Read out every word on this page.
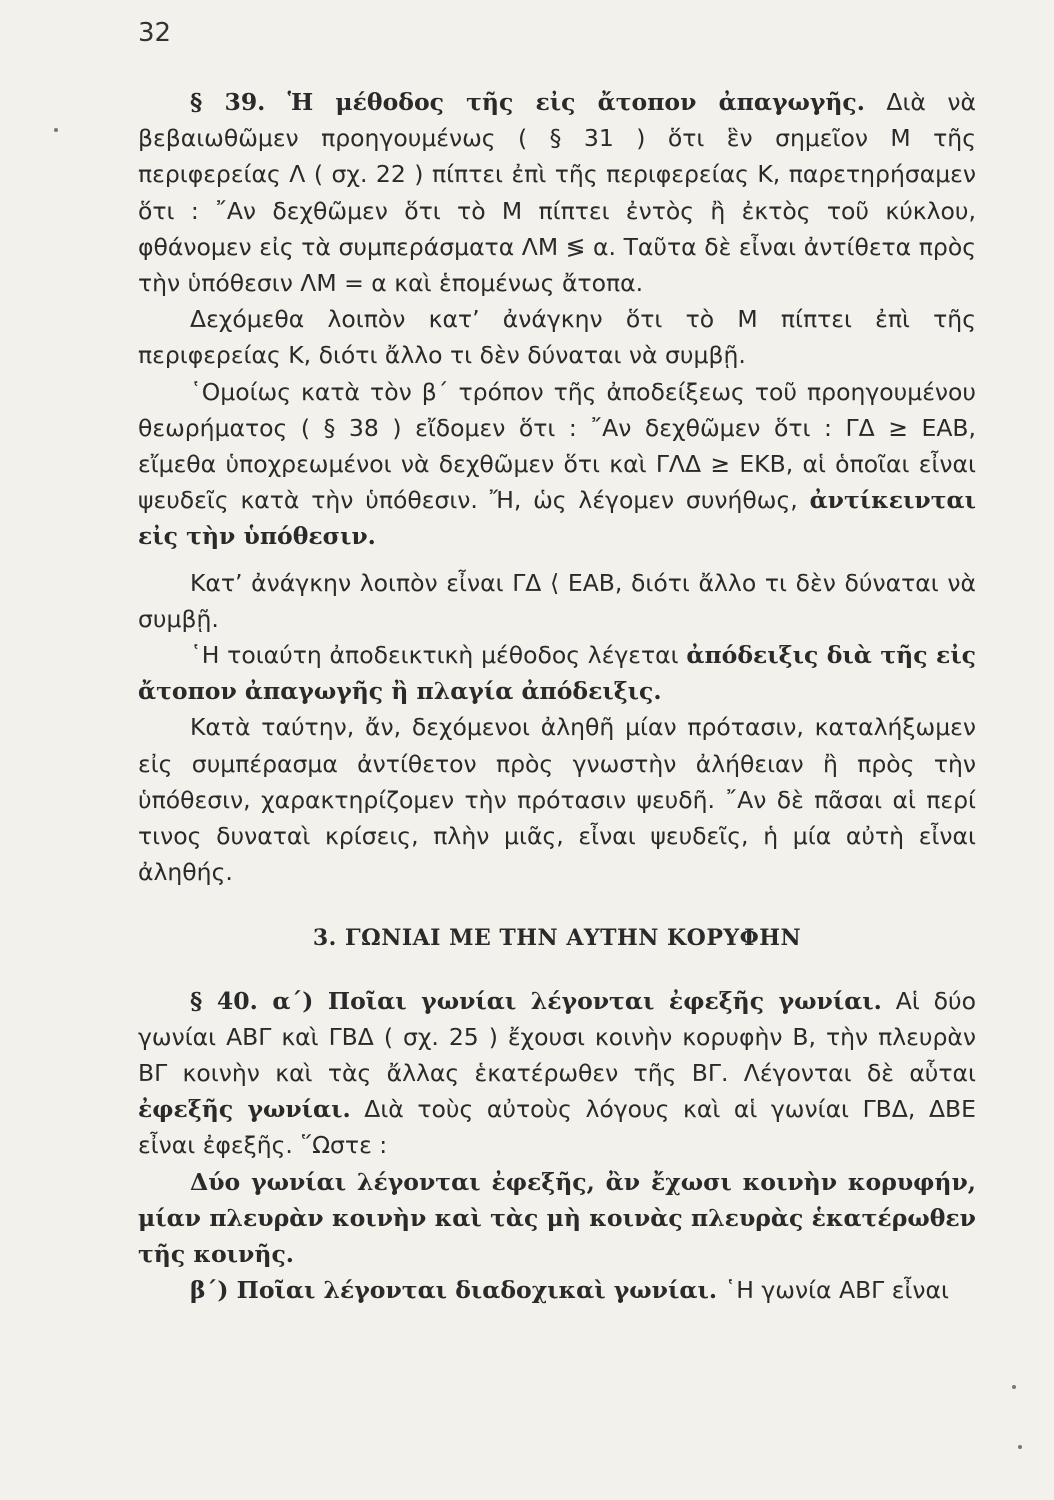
32

§ 39. Ἡ μέθοδος τῆς εἰς ἄτοπον ἀπαγωγῆς. Διὰ νὰ βεβαιωθῶμεν προηγουμένως ( § 31 ) ὅτι ἓν σημεῖον Μ τῆς περιφερείας Λ ( σχ. 22 ) πίπτει ἐπὶ τῆς περιφερείας Κ, παρετηρήσαμεν ὅτι : ῎Αν δεχθῶμεν ὅτι τὸ Μ πίπτει ἐντὸς ἢ ἐκτὸς τοῦ κύκλου, φθάνομεν εἰς τὰ συμπεράσματα ΛΜ ≶ α. Ταῦτα δὲ εἶναι ἀντίθετα πρὸς τὴν ὑπόθεσιν ΛΜ = α καὶ ἑπομένως ἄτοπα.

Δεχόμεθα λοιπὸν κατ’ ἀνάγκην ὅτι τὸ Μ πίπτει ἐπὶ τῆς περιφερείας Κ, διότι ἄλλο τι δὲν δύναται νὰ συμβῇ.

῾Ομοίως κατὰ τὸν β΄ τρόπον τῆς ἀποδείξεως τοῦ προηγουμένου θεωρήματος ( § 38 ) εἴδομεν ὅτι : ῎Αν δεχθῶμεν ὅτι : ΓΔ ≥ ΕΑΒ, εἴμεθα ὑποχρεωμένοι νὰ δεχθῶμεν ὅτι καὶ ΓΛΔ ≥ ΕΚΒ, αἱ ὁποῖαι εἶναι ψευδεῖς κατὰ τὴν ὑπόθεσιν. Ἤ, ὡς λέγομεν συνήθως, ἀντίκεινται εἰς τὴν ὑπόθεσιν.

Κατ’ ἀνάγκην λοιπὸν εἶναι ΓΔ ⟨ ΕΑΒ, διότι ἄλλο τι δὲν δύναται νὰ συμβῇ.

῾Η τοιαύτη ἀποδεικτικὴ μέθοδος λέγεται ἀπόδειξις διὰ τῆς εἰς ἄτοπον ἀπαγωγῆς ἢ πλαγία ἀπόδειξις.

Κατὰ ταύτην, ἄν, δεχόμενοι ἀληθῆ μίαν πρότασιν, καταλήξωμεν εἰς συμπέρασμα ἀντίθετον πρὸς γνωστὴν ἀλήθειαν ἢ πρὸς τὴν ὑπόθεσιν, χαρακτηρίζομεν τὴν πρότασιν ψευδῆ. ῎Αν δὲ πᾶσαι αἱ περί τινος δυναταὶ κρίσεις, πλὴν μιᾶς, εἶναι ψευδεῖς, ἡ μία αὐτὴ εἶναι ἀληθής.

3. ΓΩΝΙΑΙ ΜΕ ΤΗΝ ΑΥΤΗΝ ΚΟΡΥΦΗΝ

§ 40. α΄) Ποῖαι γωνίαι λέγονται ἐφεξῆς γωνίαι. Αἱ δύο γωνίαι ΑΒΓ καὶ ΓΒΔ ( σχ. 25 ) ἔχουσι κοινὴν κορυφὴν Β, τὴν πλευρὰν ΒΓ κοινὴν καὶ τὰς ἄλλας ἑκατέρωθεν τῆς ΒΓ. Λέγονται δὲ αὗται ἐφεξῆς γωνίαι. Διὰ τοὺς αὐτοὺς λόγους καὶ αἱ γωνίαι ΓΒΔ, ΔΒΕ εἶναι ἐφεξῆς. ῞Ωστε :

Δύο γωνίαι λέγονται ἐφεξῆς, ἂν ἔχωσι κοινὴν κορυφήν, μίαν πλευρὰν κοινὴν καὶ τὰς μὴ κοινὰς πλευρὰς ἑκατέρωθεν τῆς κοινῆς.

β΄) Ποῖαι λέγονται διαδοχικαὶ γωνίαι. ῾Η γωνία ΑΒΓ εἶναι
